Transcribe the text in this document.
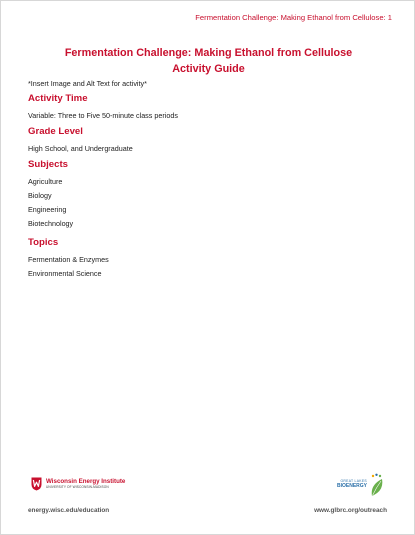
Fermentation Challenge: Making Ethanol from Cellulose: 1
Fermentation Challenge: Making Ethanol from Cellulose
Activity Guide
*Insert Image and Alt Text for activity*
Activity Time

Variable: Three to Five 50-minute class periods

Grade Level

High School, and Undergraduate

Subjects

Agriculture

Biology

Engineering

Biotechnology

Topics

Fermentation & Enzymes

Environmental Science

Wisconsin Energy Institute
UNIVERSITY OF WISCONSIN-MADISON
GREAT LAKES
BIOENERGY
energy.wisc.edu/education	www.glbrc.org/outreach
